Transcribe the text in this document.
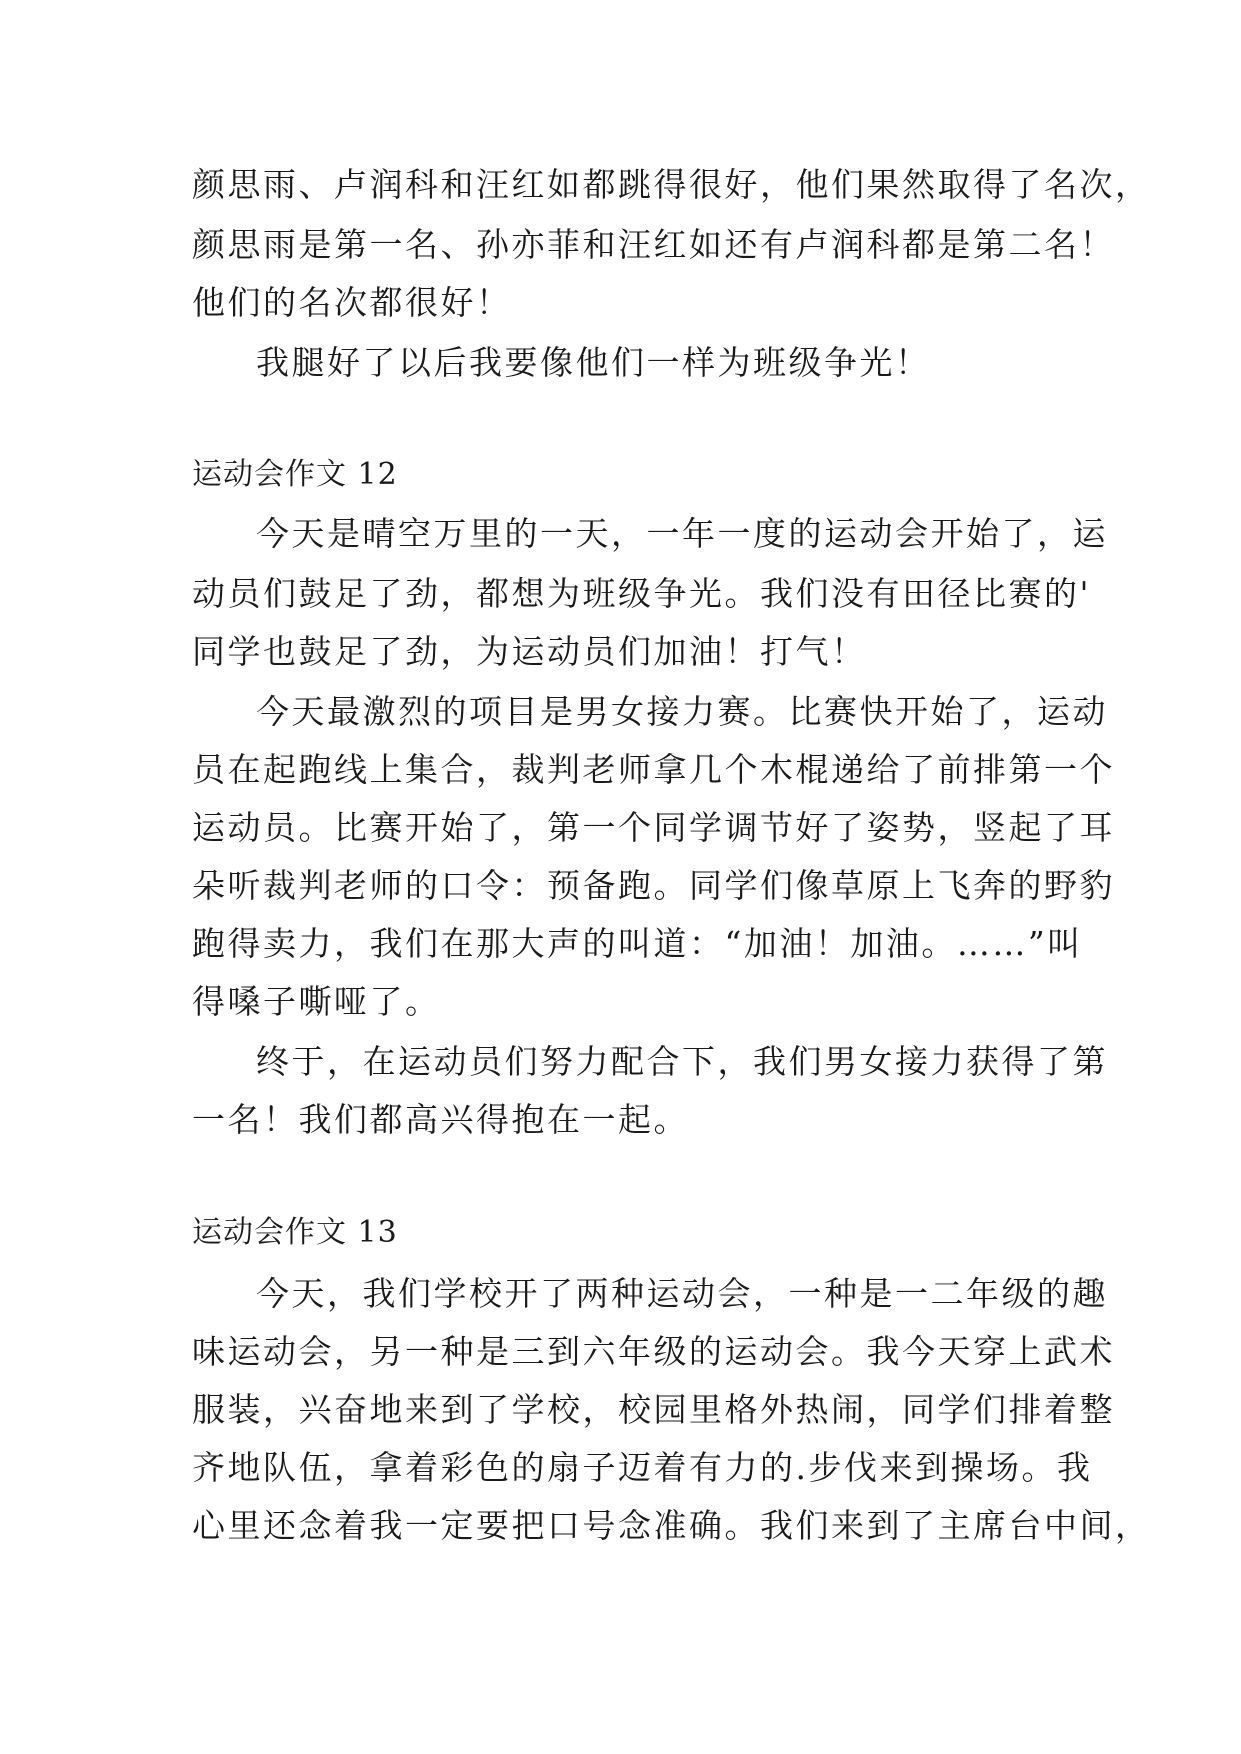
颜思雨、卢润科和汪红如都跳得很好，他们果然取得了名次，
颜思雨是第一名、孙亦菲和汪红如还有卢润科都是第二名！
他们的名次都很好！
我腿好了以后我要像他们一样为班级争光！
运动会作文 12
今天是晴空万里的一天，一年一度的运动会开始了，运
动员们鼓足了劲，都想为班级争光。我们没有田径比赛的'
同学也鼓足了劲，为运动员们加油！打气！
今天最激烈的项目是男女接力赛。比赛快开始了，运动
员在起跑线上集合，裁判老师拿几个木棍递给了前排第一个
运动员。比赛开始了，第一个同学调节好了姿势，竖起了耳
朵听裁判老师的口令：预备跑。同学们像草原上飞奔的野豹
跑得卖力，我们在那大声的叫道：“加油！加油。……”叫
得嗓子嘶哑了。
终于，在运动员们努力配合下，我们男女接力获得了第
一名！我们都高兴得抱在一起。
运动会作文 13
今天，我们学校开了两种运动会，一种是一二年级的趣
味运动会，另一种是三到六年级的运动会。我今天穿上武术
服装，兴奋地来到了学校，校园里格外热闹，同学们排着整
齐地队伍，拿着彩色的扇子迈着有力的.步伐来到操场。我
心里还念着我一定要把口号念准确。我们来到了主席台中间，
